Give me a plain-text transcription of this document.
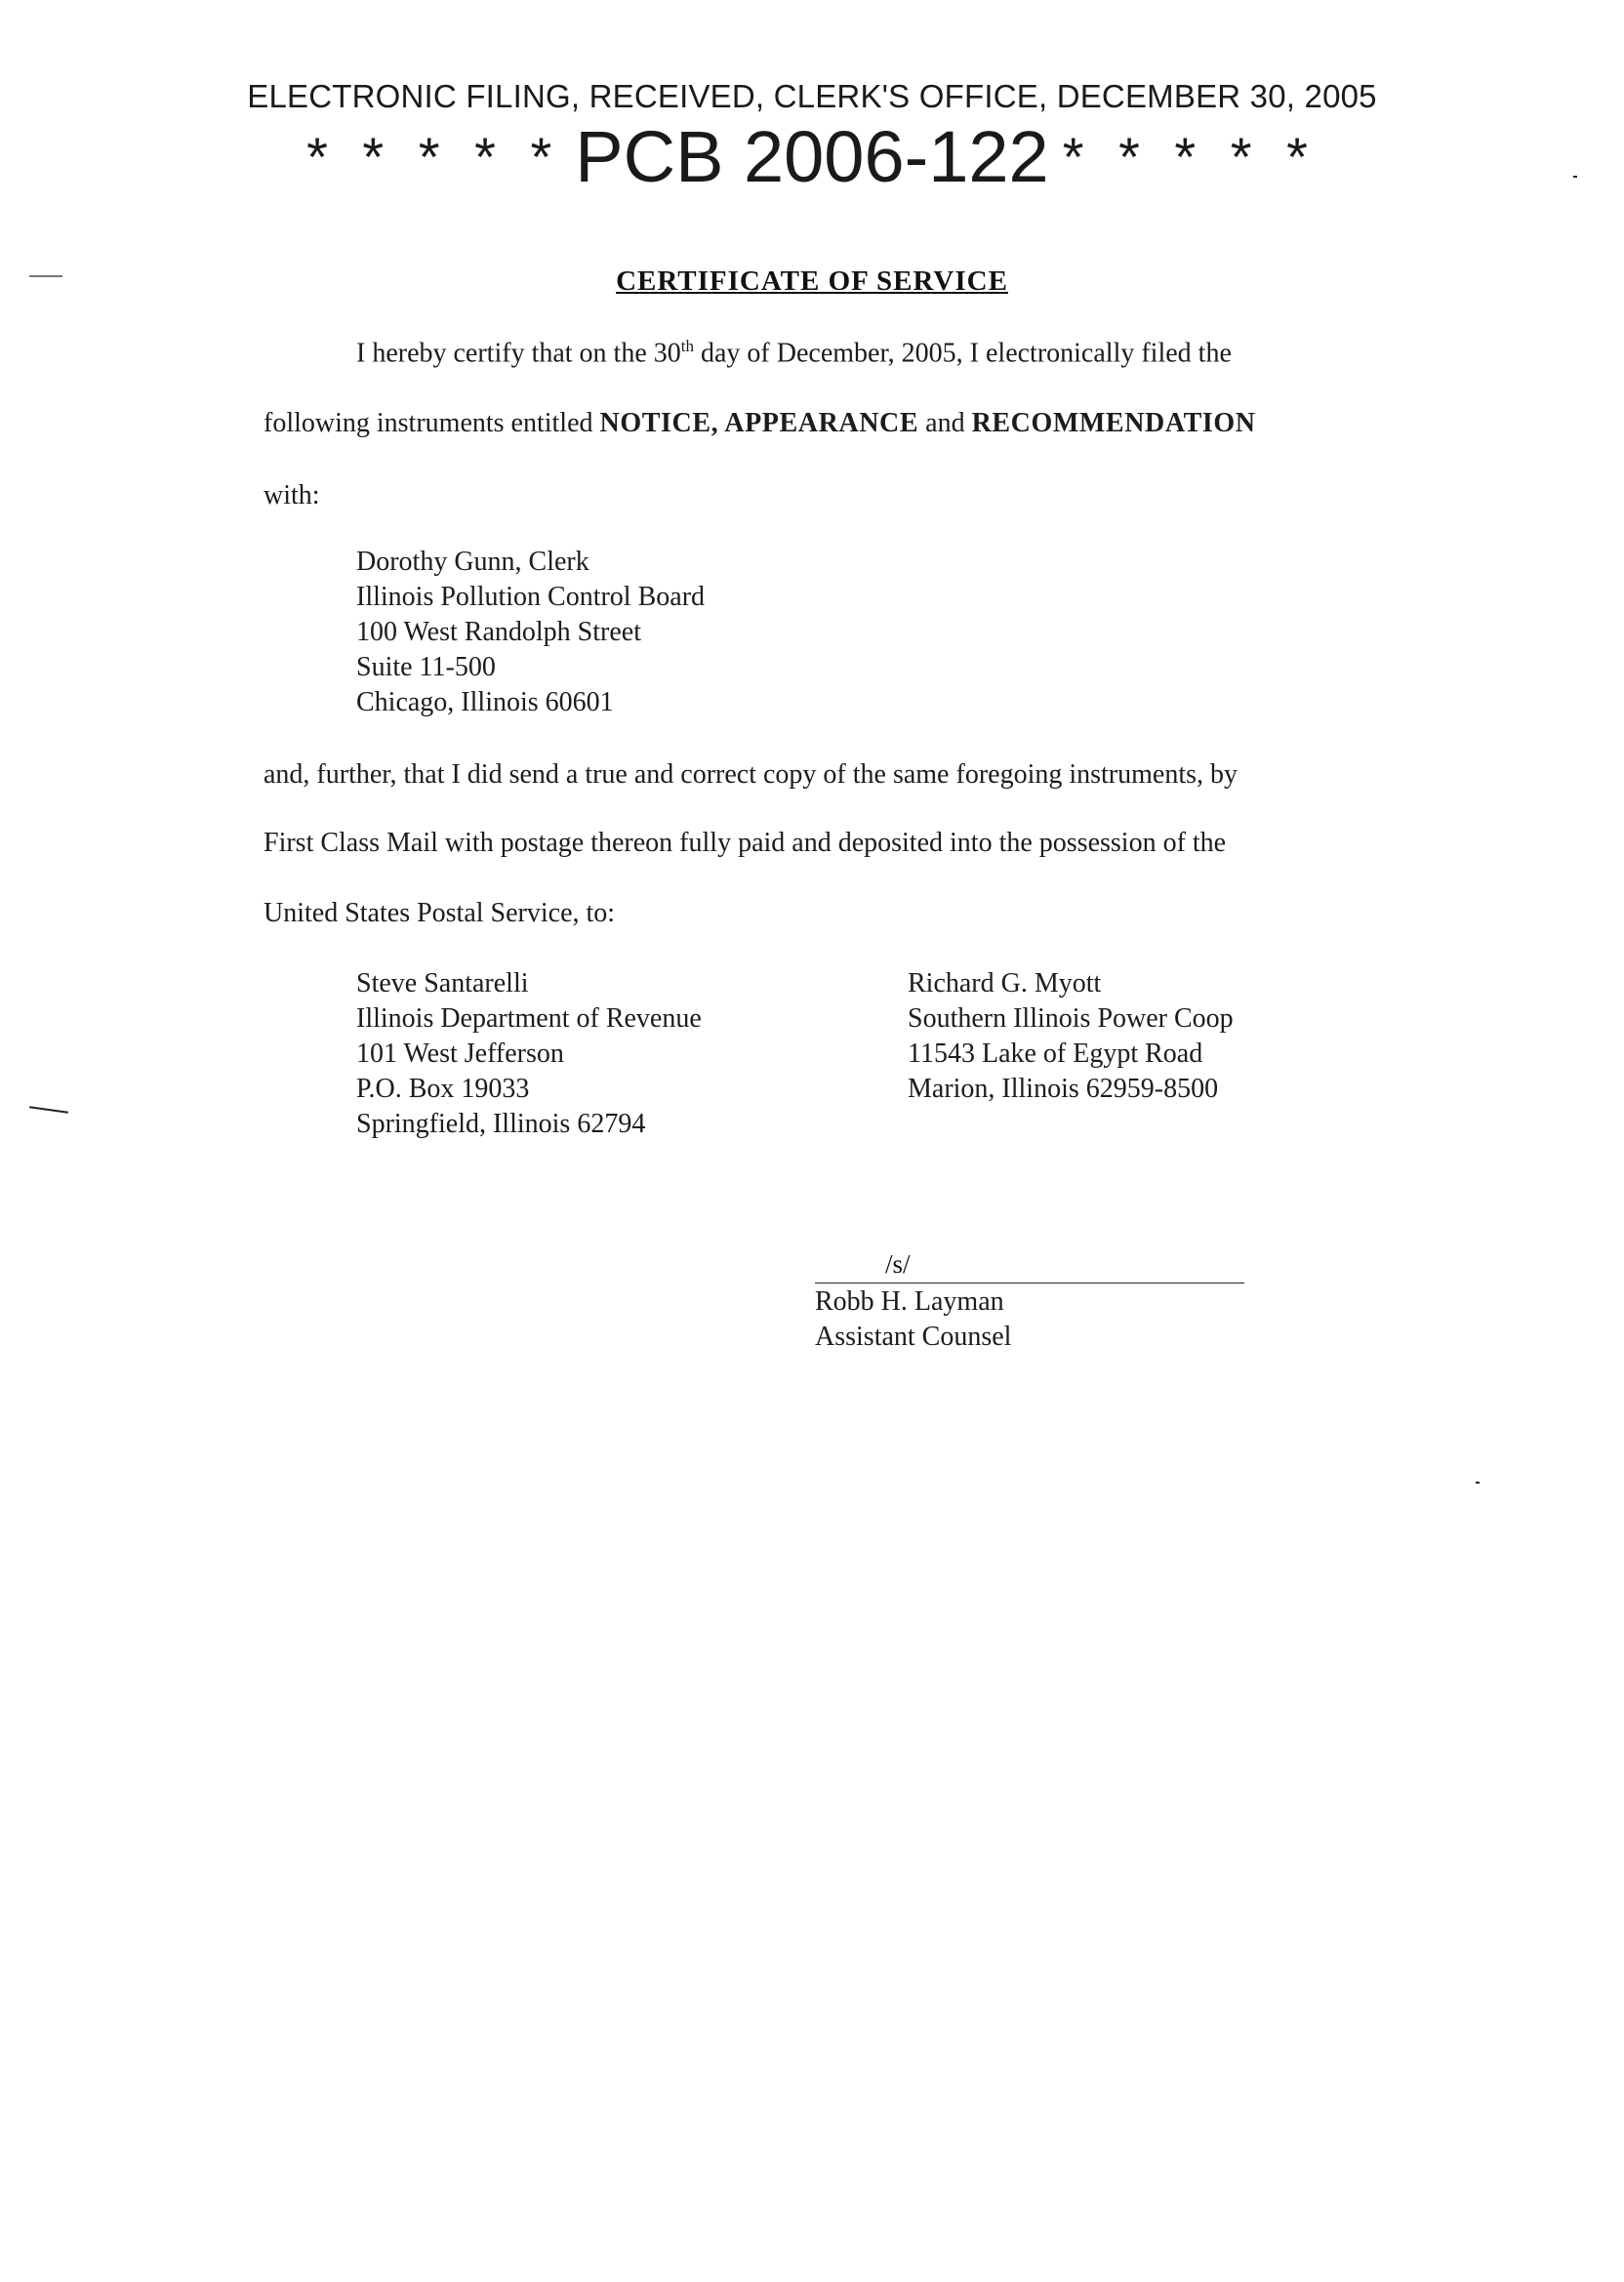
ELECTRONIC FILING, RECEIVED, CLERK'S OFFICE, DECEMBER 30, 2005
* * * * * PCB 2006-122 * * * * *
CERTIFICATE OF SERVICE
I hereby certify that on the 30th day of December, 2005, I electronically filed the
following instruments entitled NOTICE, APPEARANCE and RECOMMENDATION
with:
Dorothy Gunn, Clerk
Illinois Pollution Control Board
100 West Randolph Street
Suite 11-500
Chicago, Illinois 60601
and, further, that I did send a true and correct copy of the same foregoing instruments, by
First Class Mail with postage thereon fully paid and deposited into the possession of the
United States Postal Service, to:
Steve Santarelli
Illinois Department of Revenue
101 West Jefferson
P.O. Box 19033
Springfield, Illinois 62794
Richard G. Myott
Southern Illinois Power Coop
11543 Lake of Egypt Road
Marion, Illinois 62959-8500
/s/
Robb H. Layman
Assistant Counsel
